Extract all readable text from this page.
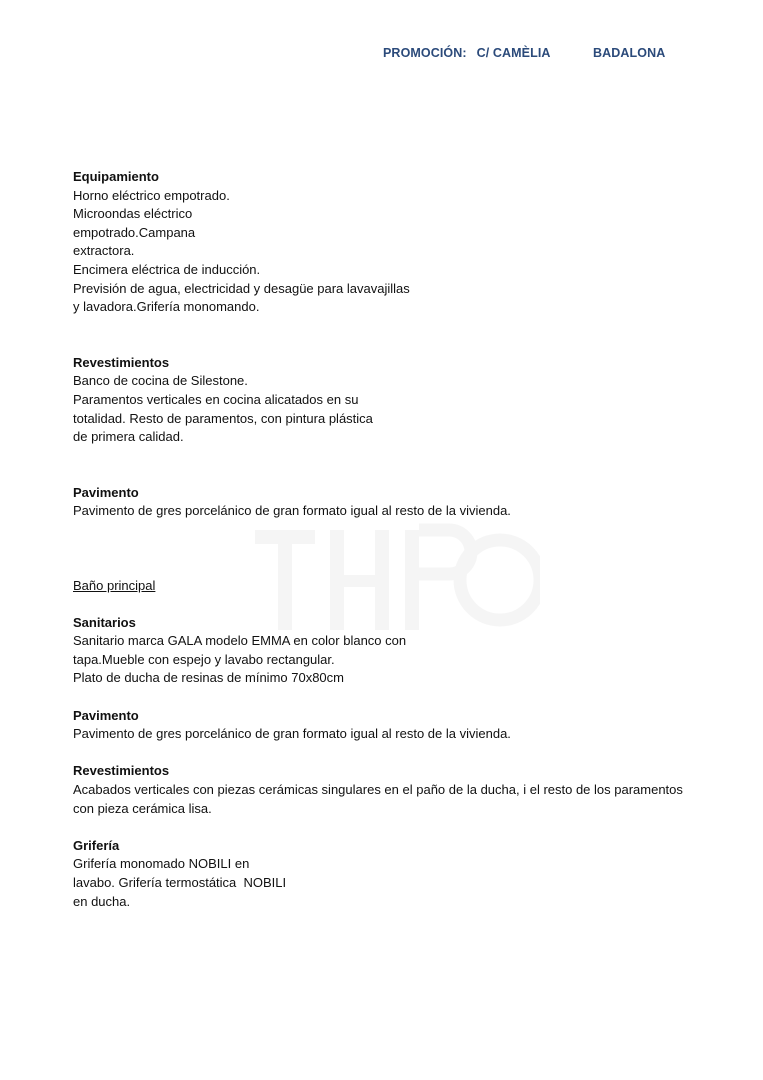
PROMOCIÓN: C/ CAMÈLIA	BADALONA

Equipamiento

Horno eléctrico empotrado.

Microondas eléctrico

empotrado.Campana

extractora.

Encimera eléctrica de inducción.

Previsión de agua, electricidad y desagüe para lavavajillas

y lavadora.Grifería monomando.

Revestimientos

Banco de cocina de Silestone.

Paramentos verticales en cocina alicatados en su

totalidad. Resto de paramentos, con pintura plástica

de primera calidad.

Pavimento

Pavimento de gres porcelánico de gran formato igual al resto de la vivienda.

Baño principal

Sanitarios

Sanitario marca GALA modelo EMMA en color blanco con

tapa.Mueble con espejo y lavabo rectangular.

Plato de ducha de resinas de mínimo 70x80cm

Pavimento

Pavimento de gres porcelánico de gran formato igual al resto de la vivienda.

Revestimientos

Acabados verticales con piezas cerámicas singulares en el paño de la ducha, i el resto de los paramentos

con pieza cerámica lisa.

Grifería

Grifería monomado NOBILI en

lavabo. Grifería termostática  NOBILI

en ducha.
